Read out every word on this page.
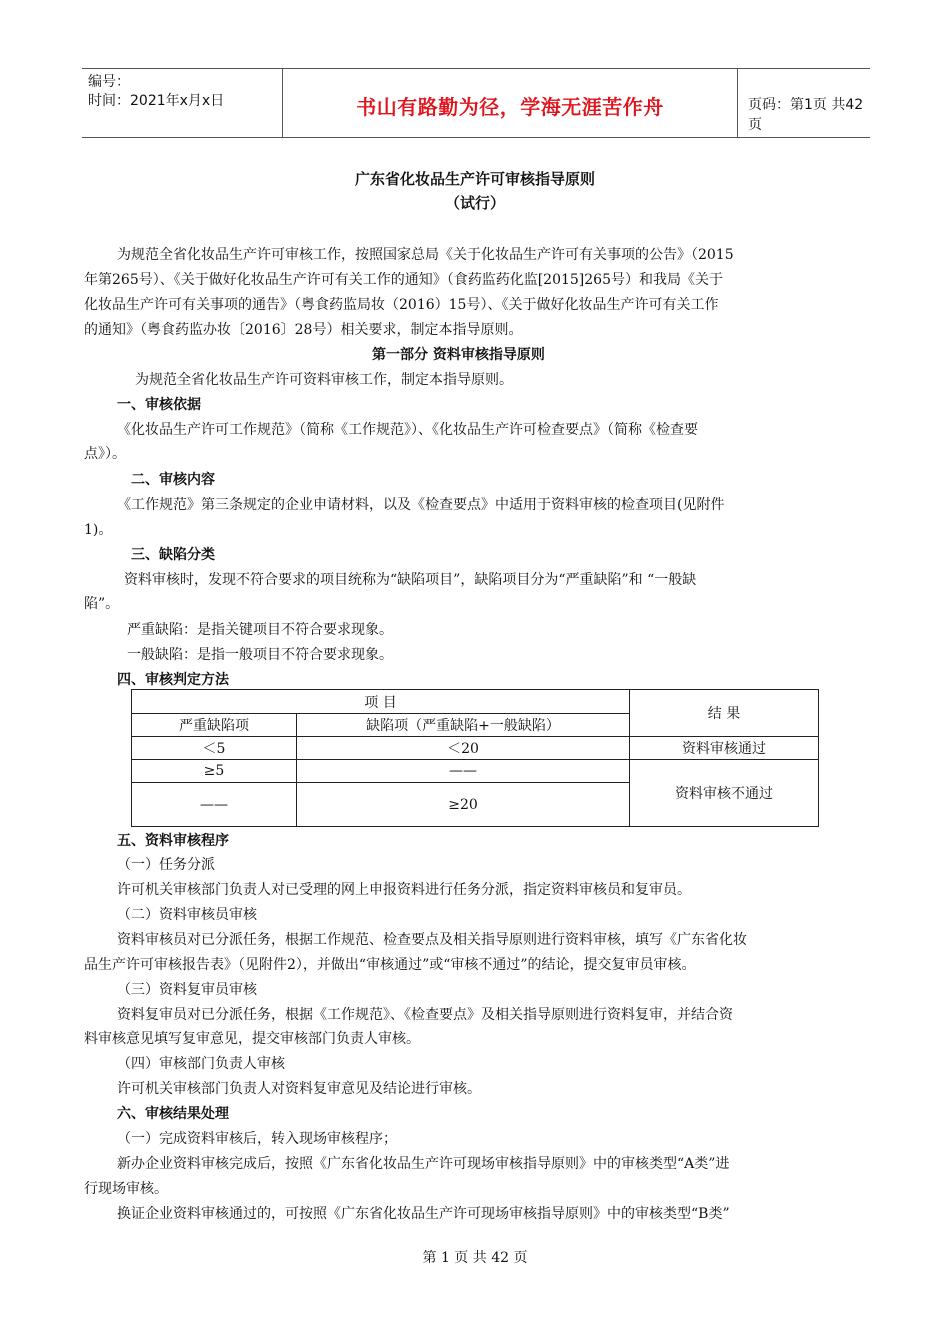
编号：
时间：2021年x月x日	书山有路勤为径，学海无涯苦作舟	页码：第1页 共42页
广东省化妆品生产许可审核指导原则
（试行）
为规范全省化妆品生产许可审核工作，按照国家总局《关于化妆品生产许可有关事项的公告》（2015
年第265号）、《关于做好化妆品生产许可有关工作的通知》（食药监药化监[2015]265号）和我局《关于
化妆品生产许可有关事项的通告》（粤食药监局妆（2016）15号）、《关于做好化妆品生产许可有关工作
的通知》（粤食药监办妆〔2016〕28号）相关要求，制定本指导原则。
第一部分 资料审核指导原则
为规范全省化妆品生产许可资料审核工作，制定本指导原则。
一、审核依据
《化妆品生产许可工作规范》（简称《工作规范》）、《化妆品生产许可检查要点》（简称《检查要
点》）。
二、审核内容
《工作规范》第三条规定的企业申请材料，以及《检查要点》中适用于资料审核的检查项目(见附件
1)。
三、缺陷分类
资料审核时，发现不符合要求的项目统称为“缺陷项目”，缺陷项目分为“严重缺陷”和 “一般缺
陷”。
严重缺陷：是指关键项目不符合要求现象。
一般缺陷：是指一般项目不符合要求现象。
四、审核判定方法
项 目		结 果
严重缺陷项	缺陷项（严重缺陷+一般缺陷）	
＜5	＜20	资料审核通过
≥5	——	资料审核不通过
——	≥20	
五、资料审核程序
（一）任务分派
许可机关审核部门负责人对已受理的网上申报资料进行任务分派，指定资料审核员和复审员。
（二）资料审核员审核
资料审核员对已分派任务，根据工作规范、检查要点及相关指导原则进行资料审核，填写《广东省化妆
品生产许可审核报告表》（见附件2），并做出“审核通过”或“审核不通过”的结论，提交复审员审核。
（三）资料复审员审核
资料复审员对已分派任务，根据《工作规范》、《检查要点》及相关指导原则进行资料复审，并结合资
料审核意见填写复审意见，提交审核部门负责人审核。
（四）审核部门负责人审核
许可机关审核部门负责人对资料复审意见及结论进行审核。
六、审核结果处理
（一）完成资料审核后，转入现场审核程序；
新办企业资料审核完成后，按照《广东省化妆品生产许可现场审核指导原则》中的审核类型“A类”进
行现场审核。
换证企业资料审核通过的，可按照《广东省化妆品生产许可现场审核指导原则》中的审核类型“B类”
第 1 页 共 42 页
